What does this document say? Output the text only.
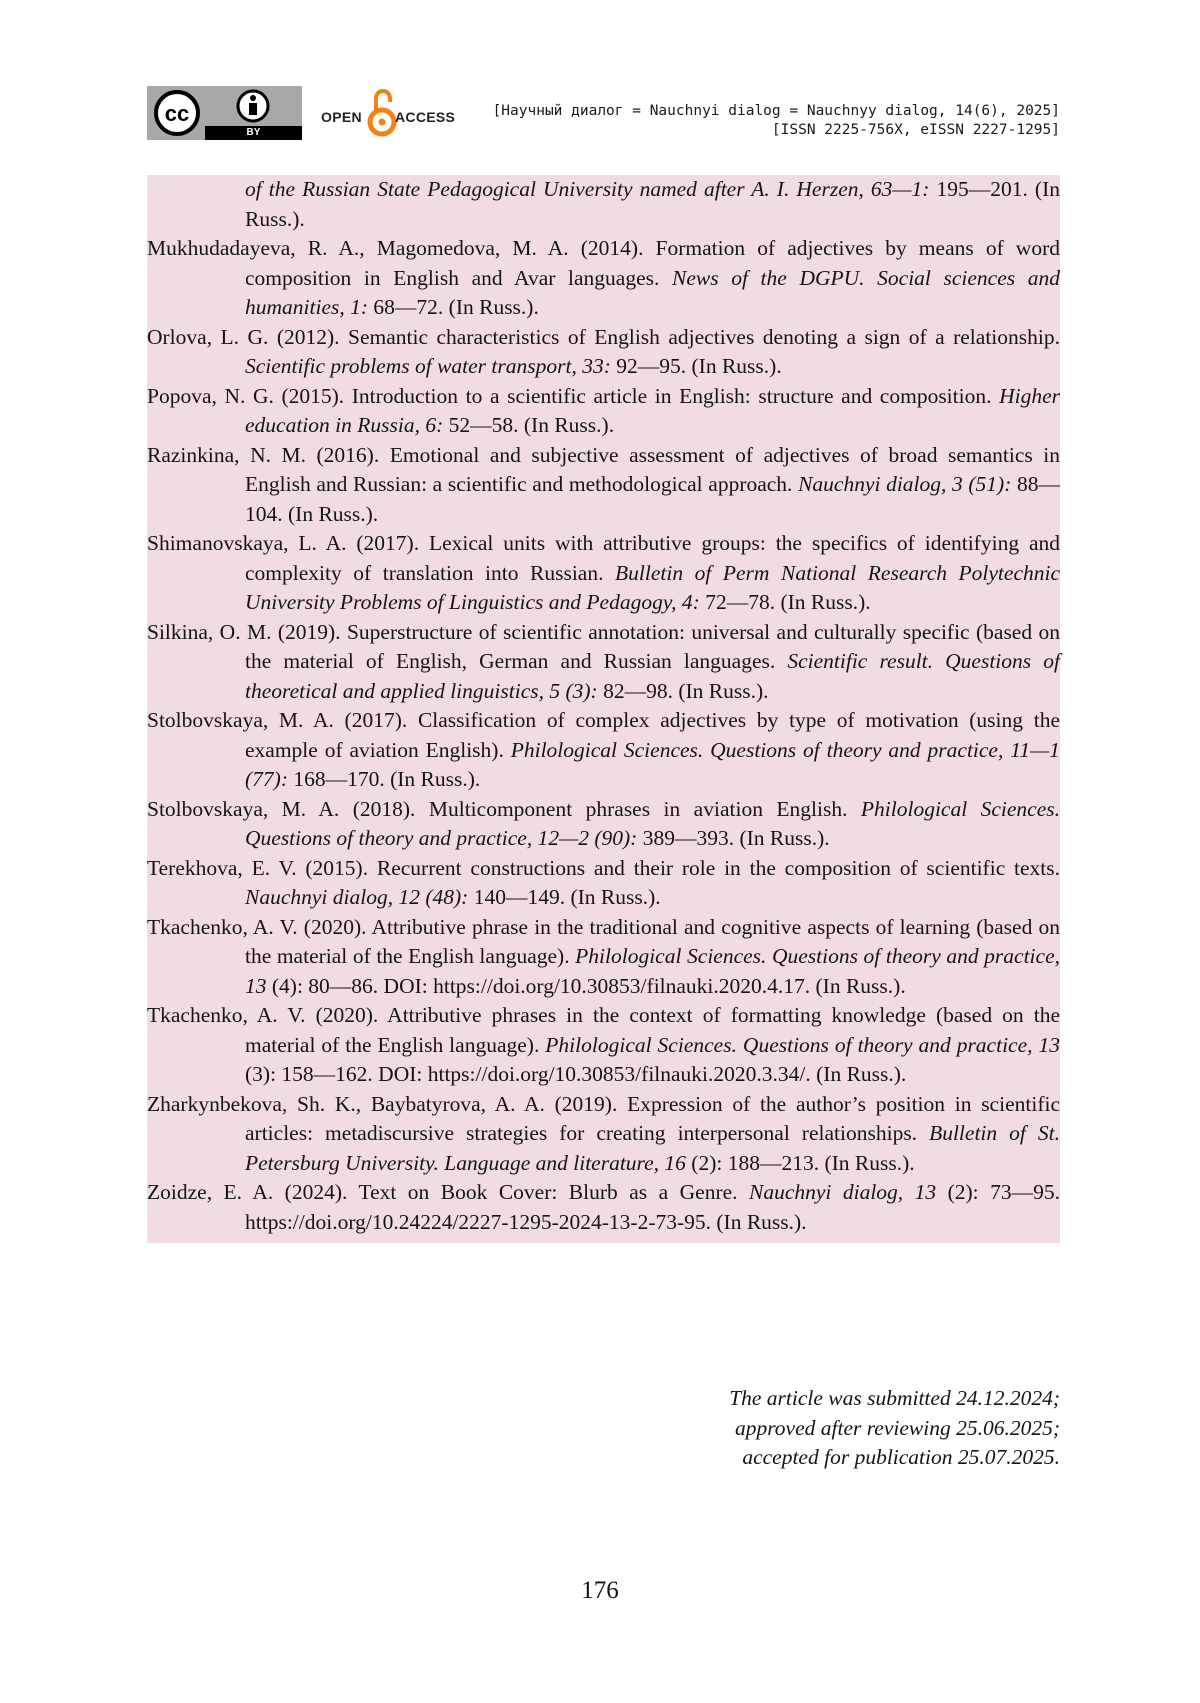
cc
BY
OPEN ACCESS	[Научный диалог = Nauchnyi dialog = Nauchnyy dialog, 14(6), 2025]
[ISSN 2225-756X, eISSN 2227-1295]
of the Russian State Pedagogical University named after A. I. Herzen, 63—1: 195—201. (In Russ.).
Mukhudadayeva, R. A., Magomedova, M. A. (2014). Formation of adjectives by means of word composition in English and Avar languages. News of the DGPU. Social sciences and humanities, 1: 68—72. (In Russ.).
Orlova, L. G. (2012). Semantic characteristics of English adjectives denoting a sign of a relationship. Scientific problems of water transport, 33: 92—95. (In Russ.).
Popova, N. G. (2015). Introduction to a scientific article in English: structure and composition. Higher education in Russia, 6: 52—58. (In Russ.).
Razinkina, N. M. (2016). Emotional and subjective assessment of adjectives of broad semantics in English and Russian: a scientific and methodological approach. Nauchnyi dialog, 3 (51): 88—104. (In Russ.).
Shimanovskaya, L. A. (2017). Lexical units with attributive groups: the specifics of identifying and complexity of translation into Russian. Bulletin of Perm National Research Polytechnic University Problems of Linguistics and Pedagogy, 4: 72—78. (In Russ.).
Silkina, O. M. (2019). Superstructure of scientific annotation: universal and culturally specific (based on the material of English, German and Russian languages. Scientific result. Questions of theoretical and applied linguistics, 5 (3): 82—98. (In Russ.).
Stolbovskaya, M. A. (2017). Classification of complex adjectives by type of motivation (using the example of aviation English). Philological Sciences. Questions of theory and practice, 11—1 (77): 168—170. (In Russ.).
Stolbovskaya, M. A. (2018). Multicomponent phrases in aviation English. Philological Sciences. Questions of theory and practice, 12—2 (90): 389—393. (In Russ.).
Terekhova, E. V. (2015). Recurrent constructions and their role in the composition of scientific texts. Nauchnyi dialog, 12 (48): 140—149. (In Russ.).
Tkachenko, A. V. (2020). Attributive phrase in the traditional and cognitive aspects of learning (based on the material of the English language). Philological Sciences. Questions of theory and practice, 13 (4): 80—86. DOI: https://doi.org/10.30853/filnauki.2020.4.17. (In Russ.).
Tkachenko, A. V. (2020). Attributive phrases in the context of formatting knowledge (based on the material of the English language). Philological Sciences. Questions of theory and practice, 13 (3): 158—162. DOI: https://doi.org/10.30853/filnauki.2020.3.34/. (In Russ.).
Zharkynbekova, Sh. K., Baybatyrova, A. A. (2019). Expression of the author’s position in scientific articles: metadiscursive strategies for creating interpersonal relationships. Bulletin of St. Petersburg University. Language and literature, 16 (2): 188—213. (In Russ.).
Zoidze, E. A. (2024). Text on Book Cover: Blurb as a Genre. Nauchnyi dialog, 13 (2): 73—95. https://doi.org/10.24224/2227-1295-2024-13-2-73-95. (In Russ.).
The article was submitted 24.12.2024;
approved after reviewing 25.06.2025;
accepted for publication 25.07.2025.
176
